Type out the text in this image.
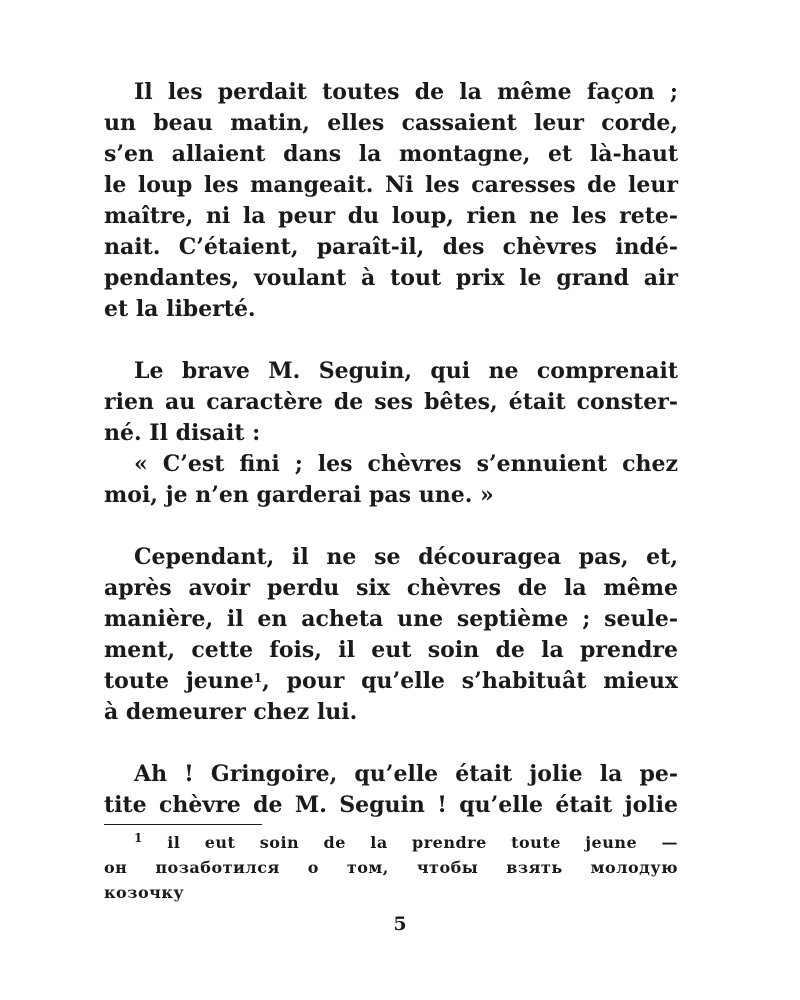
Il les perdait toutes de la même façon ;
un beau matin, elles cassaient leur corde,
s’en allaient dans la montagne, et là-haut
le loup les mangeait. Ni les caresses de leur
maître, ni la peur du loup, rien ne les rete-
nait. C’étaient, paraît-il, des chèvres indé-
pendantes, voulant à tout prix le grand air
et la liberté.
Le brave M. Seguin, qui ne comprenait
rien au caractère de ses bêtes, était conster-
né. Il disait :
« C’est fini ; les chèvres s’ennuient chez
moi, je n’en garderai pas une. »
Cependant, il ne se découragea pas, et,
après avoir perdu six chèvres de la même
manière, il en acheta une septième ; seule-
ment, cette fois, il eut soin de la prendre
toute jeune$^1$, pour qu’elle s’habituât mieux
à demeurer chez lui.
Ah ! Gringoire, qu’elle était jolie la pe-
tite chèvre de M. Seguin ! qu’elle était jolie
$^1$ il eut soin de la prendre toute jeune —
он позаботился о том, чтобы взять молодую
козочку
5
